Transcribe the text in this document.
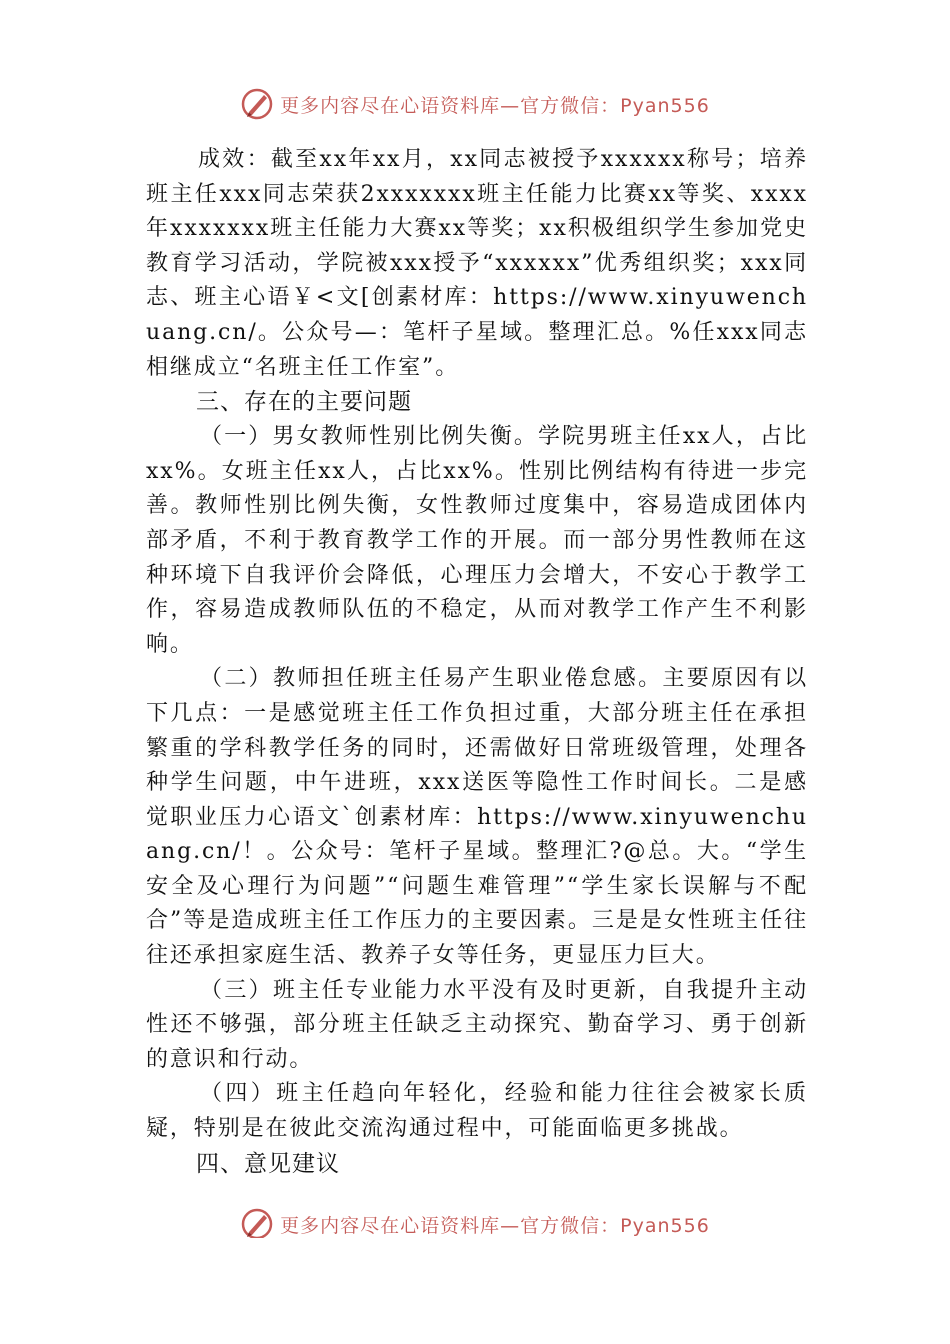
更多内容尽在心语资料库—官方微信：Pyan556

成效：截至xx年xx月，xx同志被授予xxxxxx称号；培养班主任xxx同志荣获2xxxxxxx班主任能力比赛xx等奖、xxxx年xxxxxxx班主任能力大赛xx等奖；xx积极组织学生参加党史教育学习活动，学院被xxx授予“xxxxxx”优秀组织奖；xxx同志、班主心语￥<文[创素材库：https://www.xinyuwenchuang.cn/。公众号—：笔杆子星域。整理汇总。%任xxx同志相继成立“名班主任工作室”。

三、存在的主要问题

（一）男女教师性别比例失衡。学院男班主任xx人，占比xx%。女班主任xx人，占比xx%。性别比例结构有待进一步完善。教师性别比例失衡，女性教师过度集中，容易造成团体内部矛盾，不利于教育教学工作的开展。而一部分男性教师在这种环境下自我评价会降低，心理压力会增大，不安心于教学工作，容易造成教师队伍的不稳定，从而对教学工作产生不利影响。

（二）教师担任班主任易产生职业倦怠感。主要原因有以下几点：一是感觉班主任工作负担过重，大部分班主任在承担繁重的学科教学任务的同时，还需做好日常班级管理，处理各种学生问题，中午进班，xxx送医等隐性工作时间长。二是感觉职业压力心语文`创素材库：https://www.xinyuwenchuang.cn/！。公众号：笔杆子星域。整理汇?@总。大。“学生安全及心理行为问题”“问题生难管理”“学生家长误解与不配合”等是造成班主任工作压力的主要因素。三是是女性班主任往往还承担家庭生活、教养子女等任务，更显压力巨大。

（三）班主任专业能力水平没有及时更新，自我提升主动性还不够强，部分班主任缺乏主动探究、勤奋学习、勇于创新的意识和行动。

（四）班主任趋向年轻化，经验和能力往往会被家长质疑，特别是在彼此交流沟通过程中，可能面临更多挑战。

四、意见建议
更多内容尽在心语资料库—官方微信：Pyan556
